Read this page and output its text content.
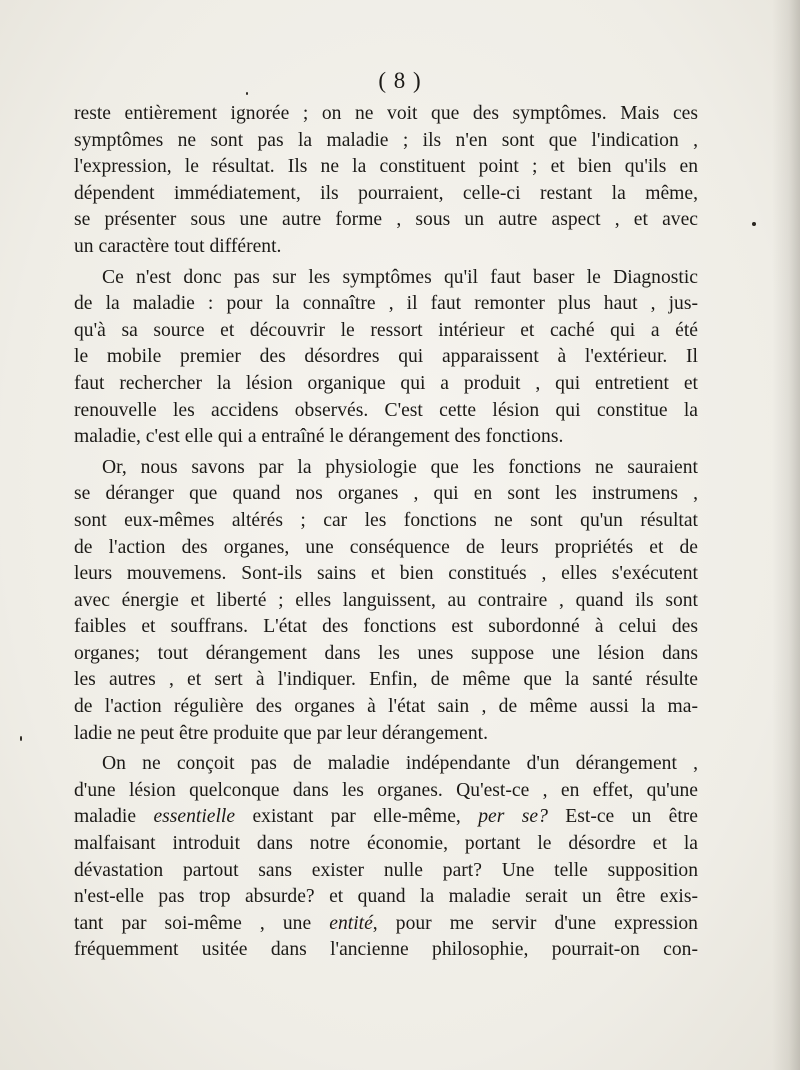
( 8 )
reste entièrement ignorée ; on ne voit que des symptômes. Mais ces
symptômes ne sont pas la maladie ; ils n'en sont que l'indication ,
l'expression, le résultat. Ils ne la constituent point ; et bien qu'ils en
dépendent immédiatement, ils pourraient, celle-ci restant la même,
se présenter sous une autre forme , sous un autre aspect , et avec
un caractère tout différent.
Ce n'est donc pas sur les symptômes qu'il faut baser le Diagnostic
de la maladie : pour la connaître , il faut remonter plus haut , jus-
qu'à sa source et découvrir le ressort intérieur et caché qui a été
le mobile premier des désordres qui apparaissent à l'extérieur. Il
faut rechercher la lésion organique qui a produit , qui entretient et
renouvelle les accidens observés. C'est cette lésion qui constitue la
maladie, c'est elle qui a entraîné le dérangement des fonctions.
Or, nous savons par la physiologie que les fonctions ne sauraient
se déranger que quand nos organes , qui en sont les instrumens ,
sont eux-mêmes altérés ; car les fonctions ne sont qu'un résultat
de l'action des organes, une conséquence de leurs propriétés et de
leurs mouvemens. Sont-ils sains et bien constitués , elles s'exécutent
avec énergie et liberté ; elles languissent, au contraire , quand ils sont
faibles et souffrans. L'état des fonctions est subordonné à celui des
organes; tout dérangement dans les unes suppose une lésion dans
les autres , et sert à l'indiquer. Enfin, de même que la santé résulte
de l'action régulière des organes à l'état sain , de même aussi la ma-
ladie ne peut être produite que par leur dérangement.
On ne conçoit pas de maladie indépendante d'un dérangement ,
d'une lésion quelconque dans les organes. Qu'est-ce , en effet, qu'une
maladie essentielle existant par elle-même, per se? Est-ce un être
malfaisant introduit dans notre économie, portant le désordre et la
dévastation partout sans exister nulle part? Une telle supposition
n'est-elle pas trop absurde? et quand la maladie serait un être exis-
tant par soi-même , une entité, pour me servir d'une expression
fréquemment usitée dans l'ancienne philosophie, pourrait-on con-
